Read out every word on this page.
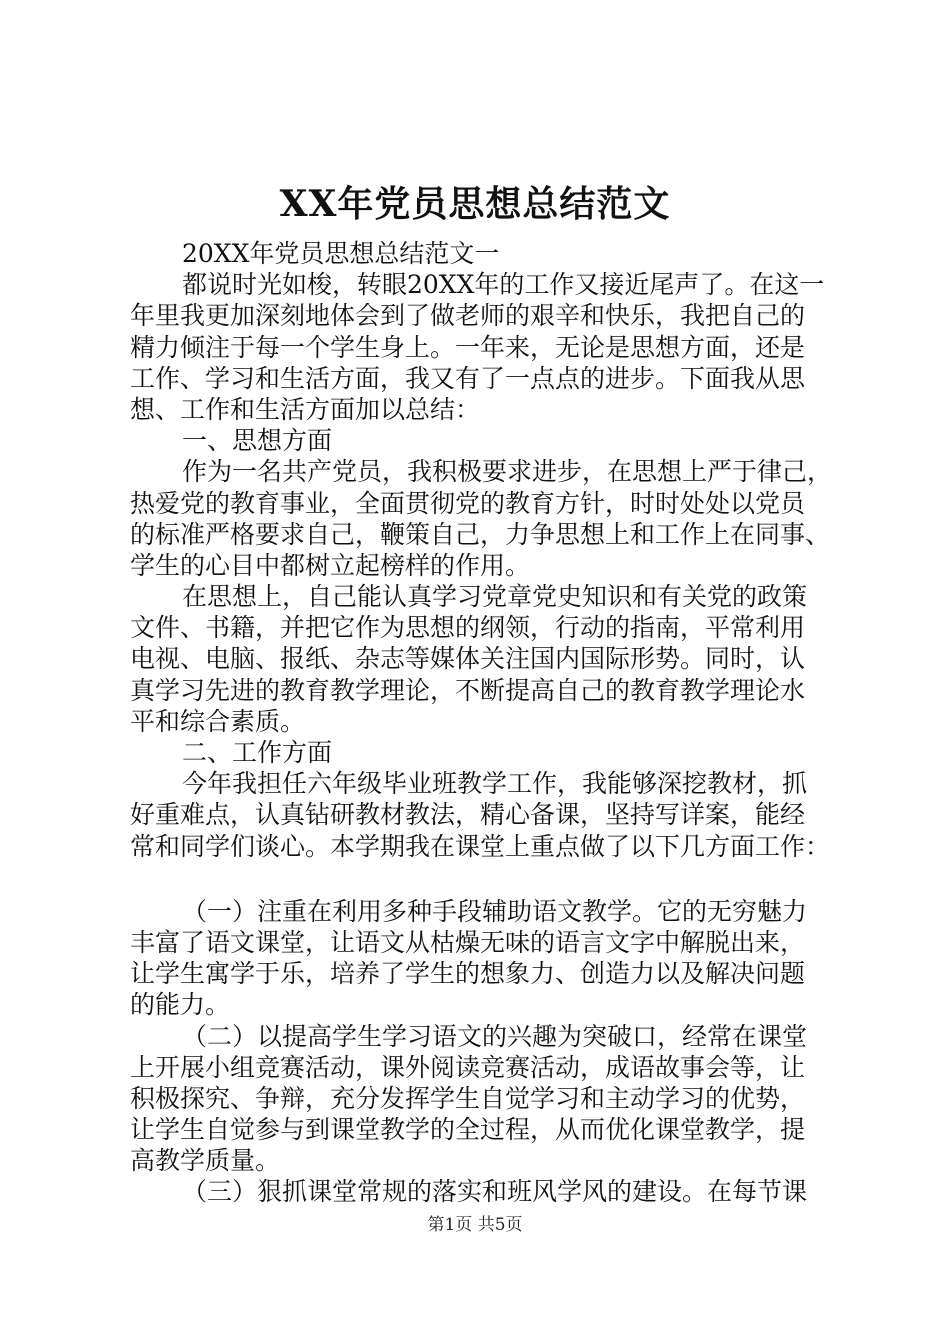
XX年党员思想总结范文
20XX年党员思想总结范文一
都说时光如梭，转眼20XX年的工作又接近尾声了。在这一
年里我更加深刻地体会到了做老师的艰辛和快乐，我把自己的
精力倾注于每一个学生身上。一年来，无论是思想方面，还是
工作、学习和生活方面，我又有了一点点的进步。下面我从思
想、工作和生活方面加以总结：
一、思想方面
作为一名共产党员，我积极要求进步，在思想上严于律己，
热爱党的教育事业，全面贯彻党的教育方针，时时处处以党员
的标准严格要求自己，鞭策自己，力争思想上和工作上在同事、
学生的心目中都树立起榜样的作用。
在思想上，自己能认真学习党章党史知识和有关党的政策
文件、书籍，并把它作为思想的纲领，行动的指南，平常利用
电视、电脑、报纸、杂志等媒体关注国内国际形势。同时，认
真学习先进的教育教学理论，不断提高自己的教育教学理论水
平和综合素质。
二、工作方面
今年我担任六年级毕业班教学工作，我能够深挖教材，抓
好重难点，认真钻研教材教法，精心备课，坚持写详案，能经
常和同学们谈心。本学期我在课堂上重点做了以下几方面工作：
（一）注重在利用多种手段辅助语文教学。它的无穷魅力
丰富了语文课堂，让语文从枯燥无味的语言文字中解脱出来，
让学生寓学于乐，培养了学生的想象力、创造力以及解决问题
的能力。
（二）以提高学生学习语文的兴趣为突破口，经常在课堂
上开展小组竞赛活动，课外阅读竞赛活动，成语故事会等，让
积极探究、争辩，充分发挥学生自觉学习和主动学习的优势，
让学生自觉参与到课堂教学的全过程，从而优化课堂教学，提
高教学质量。
（三）狠抓课堂常规的落实和班风学风的建设。在每节课
第1页 共5页
